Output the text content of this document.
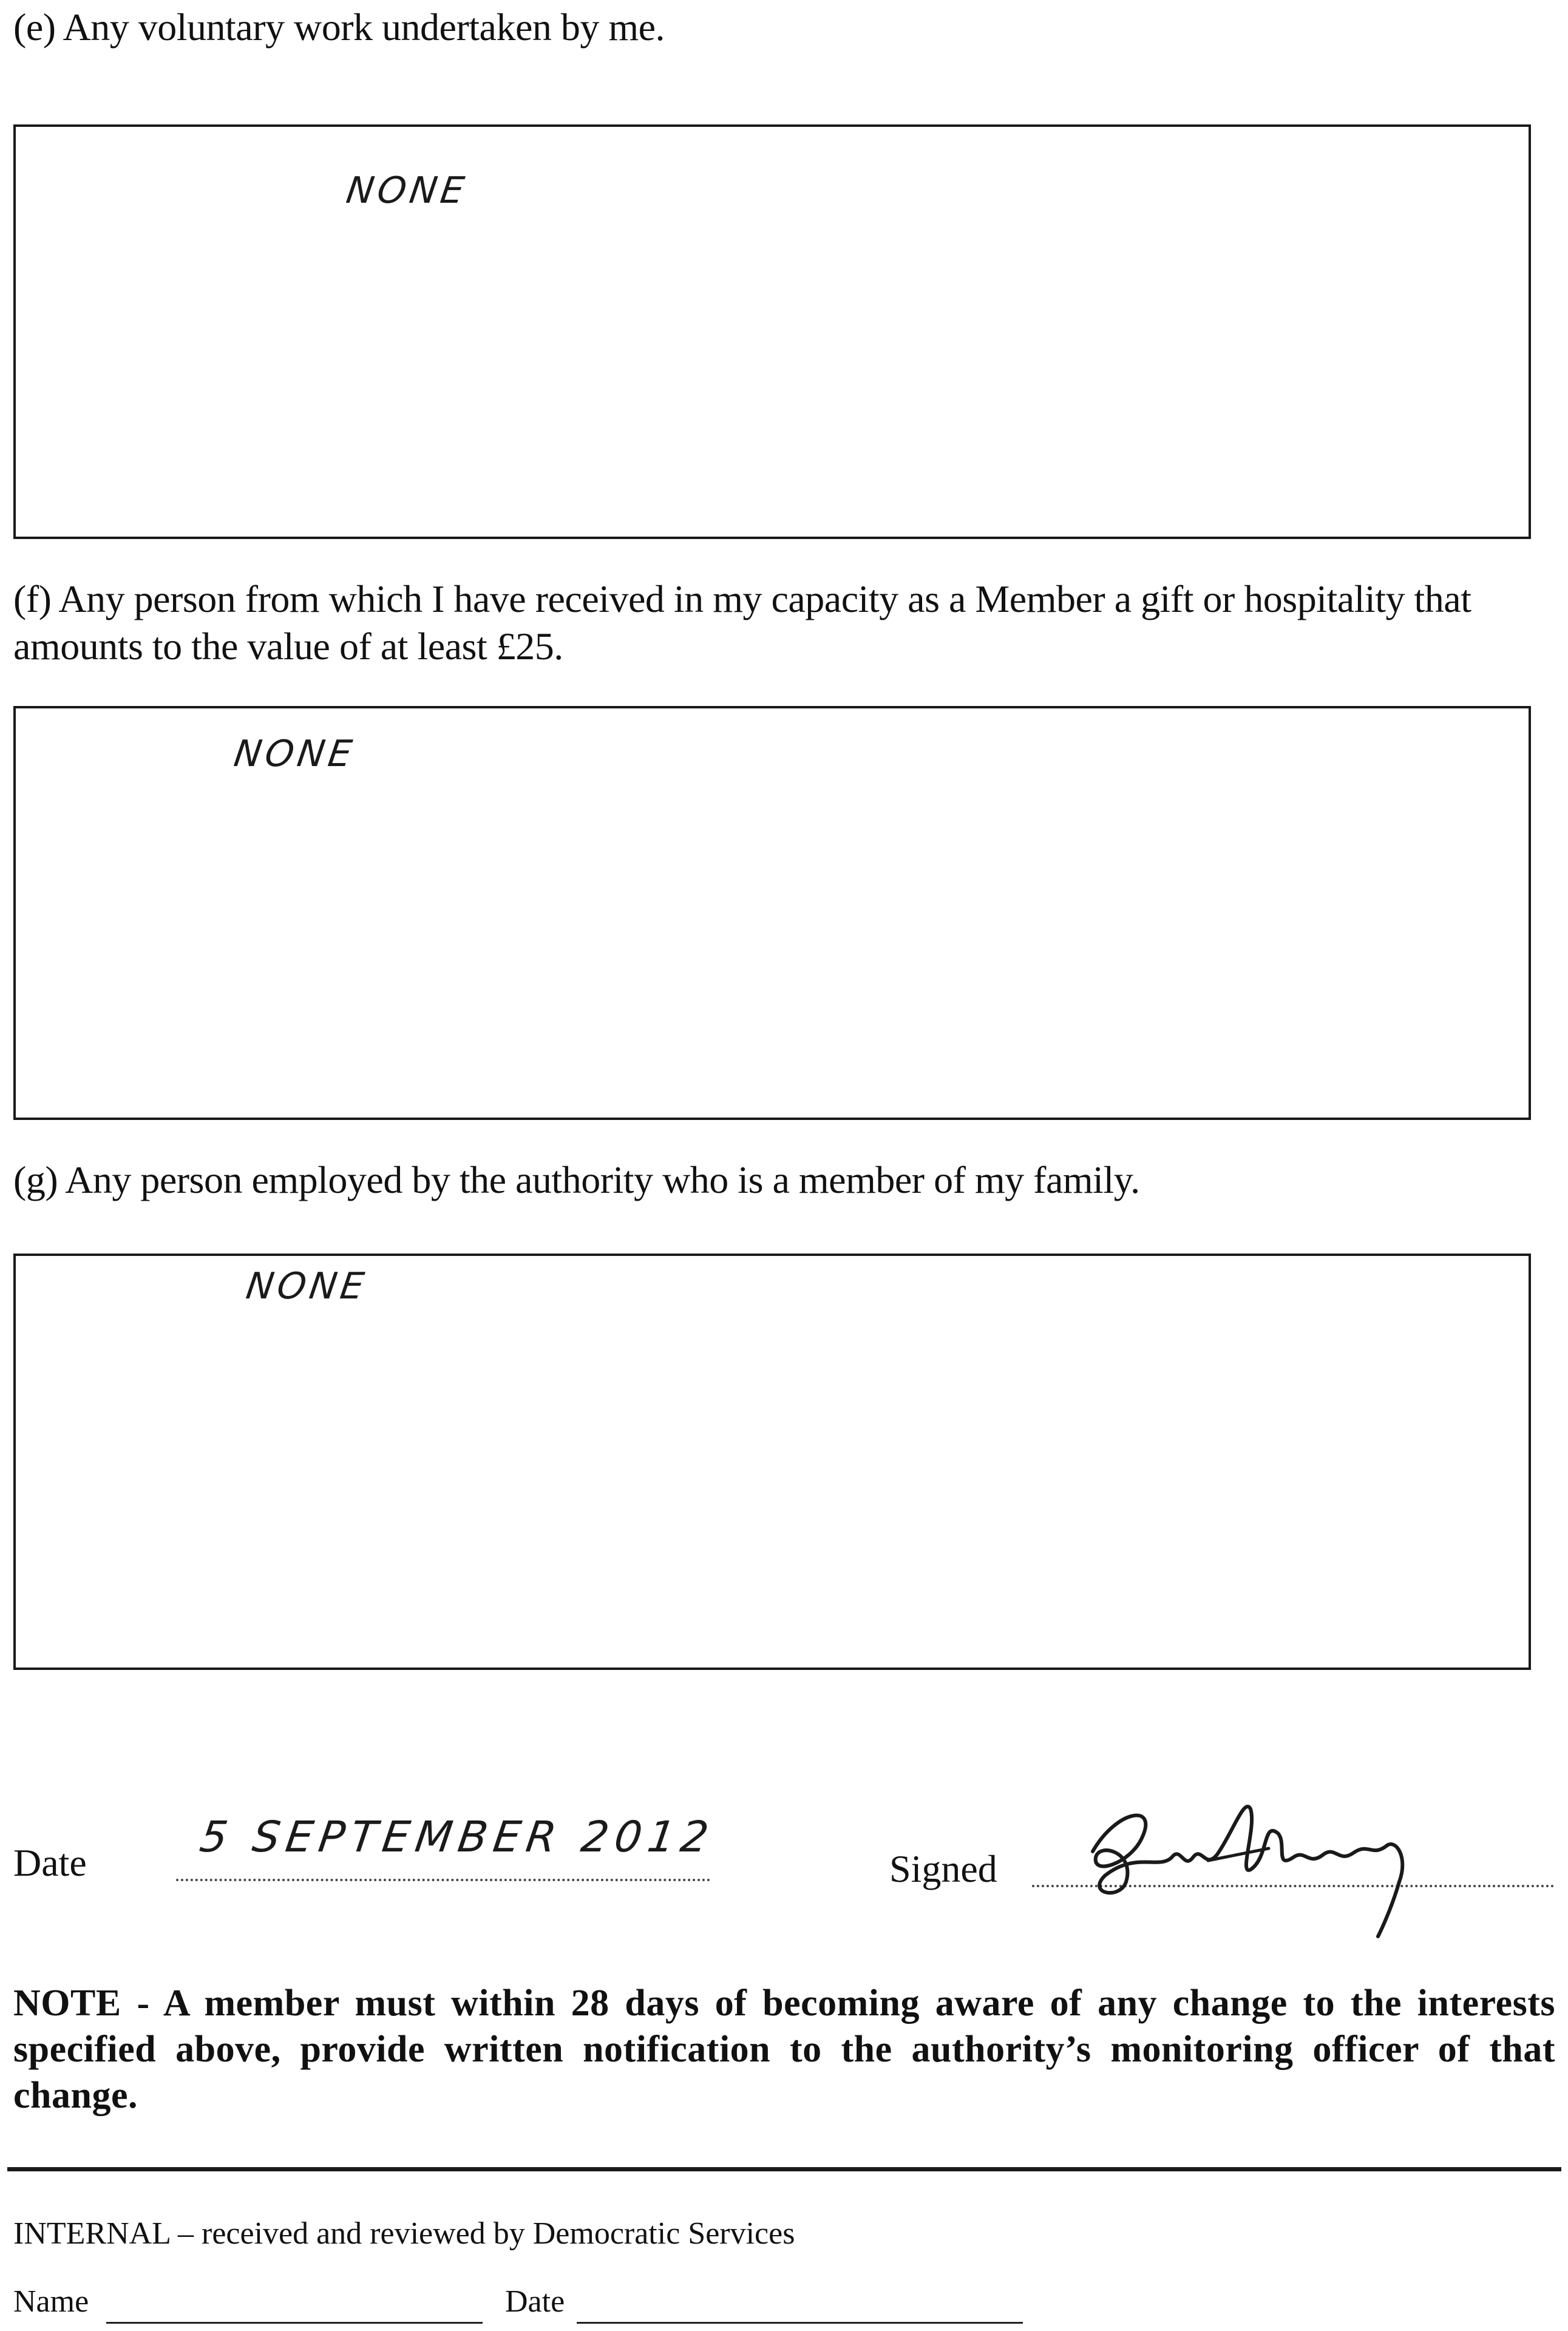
(e) Any voluntary work undertaken by me.
NONE
(f) Any person from which I have received in my capacity as a Member a gift or hospitality that amounts to the value of at least £25.
NONE
(g) Any person employed by the authority who is a member of my family.
NONE
Date
5 SEPTEMBER 2012
Signed
NOTE - A member must within 28 days of becoming aware of any change to the interests specified above, provide written notification to the authority’s monitoring officer of that change.
INTERNAL – received and reviewed by Democratic Services
Name	Date
